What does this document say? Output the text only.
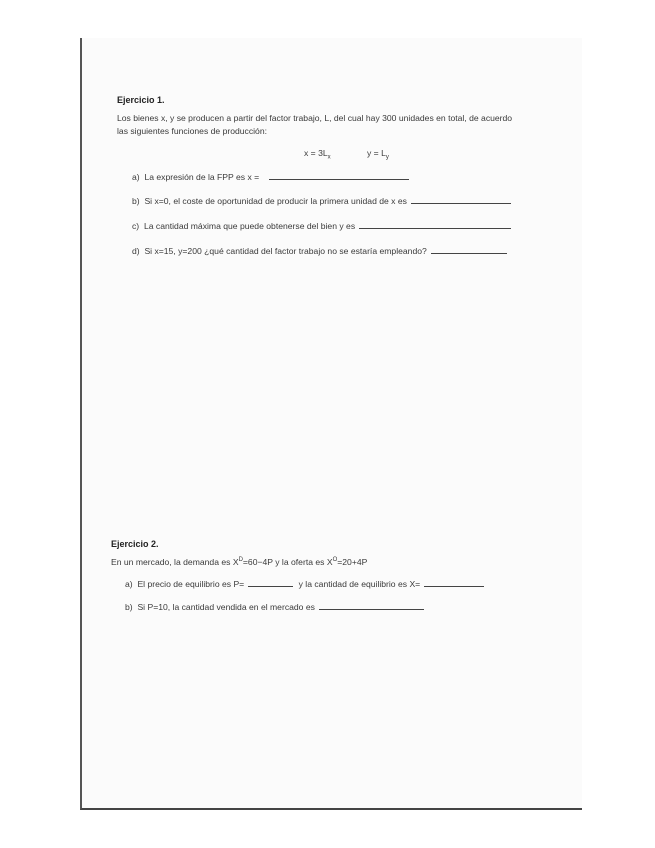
Ejercicio 1.
Los bienes x, y se producen a partir del factor trabajo, L, del cual hay 300 unidades en total, de acuerdo
las siguientes funciones de producción:
$x = 3L_x$	$y = L_y$
a) La expresión de la FPP es x =
b) Si x=0, el coste de oportunidad de producir la primera unidad de x es
c) La cantidad máxima que puede obtenerse del bien y es
d) Si x=15, y=200 ¿qué cantidad del factor trabajo no se estaría empleando?
Ejercicio 2.
En un mercado, la demanda es $X^D=60-4P$ y la oferta es $X^O=20+4P$
a) El precio de equilibrio es P=	y la cantidad de equilibrio es X=
b) Si P=10, la cantidad vendida en el mercado es
